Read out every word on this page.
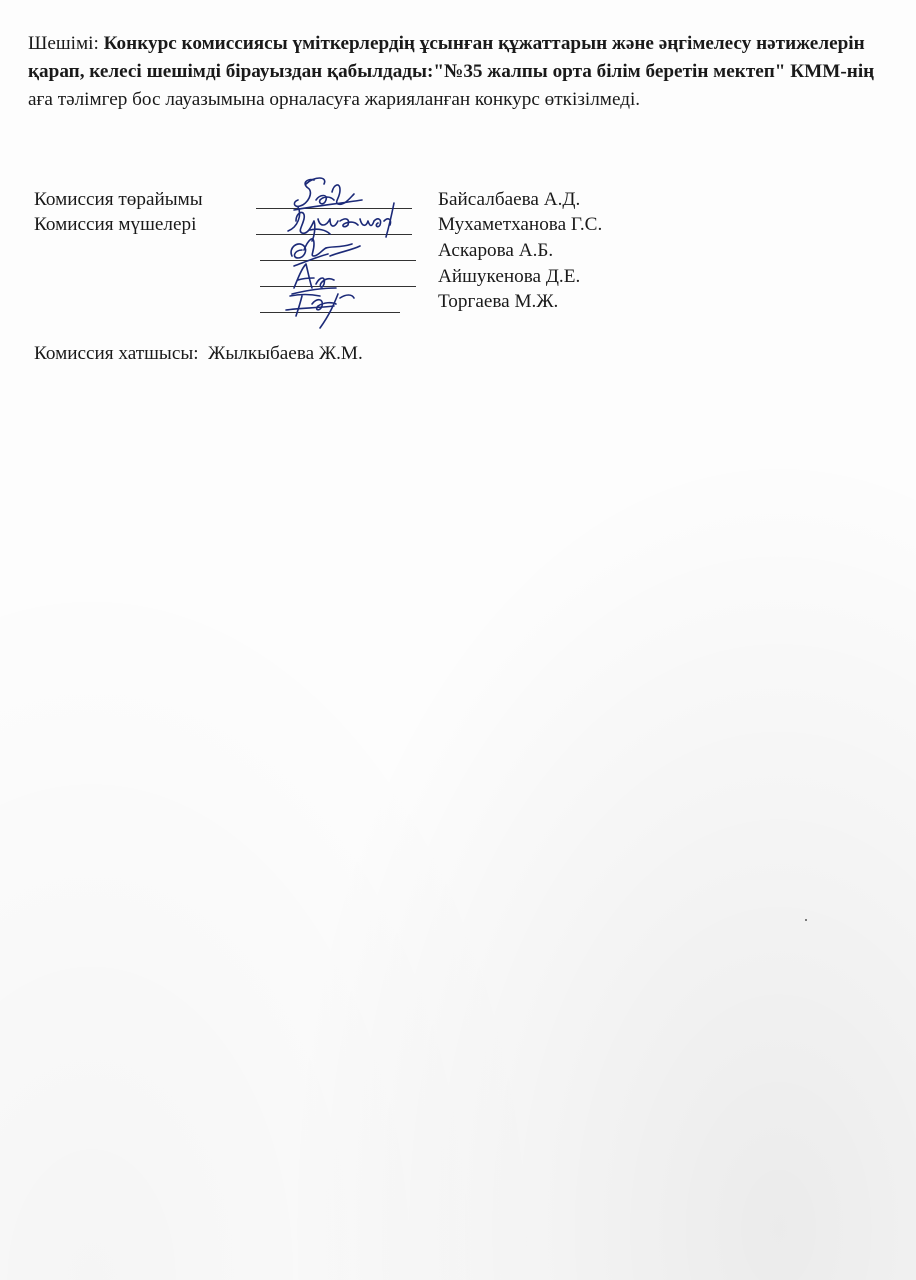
Шешімі: Конкурс комиссиясы үміткерлердің ұсынған құжаттарын және әңгімелесу нәтижелерін қарап, келесі шешімді бірауыздан қабылдады:"№35 жалпы орта білім беретін мектеп" КММ-нің аға тәлімгер бос лауазымына орналасуға жарияланған конкурс өткізілмеді.
Комиссия төрайымы
Комиссия мүшелері
Байсалбаева А.Д.
Мухаметханова Г.С.
Аскарова А.Б.
Айшукенова Д.Е.
Торгаева М.Ж.
Комиссия хатшысы: Жылкыбаева Ж.М.
